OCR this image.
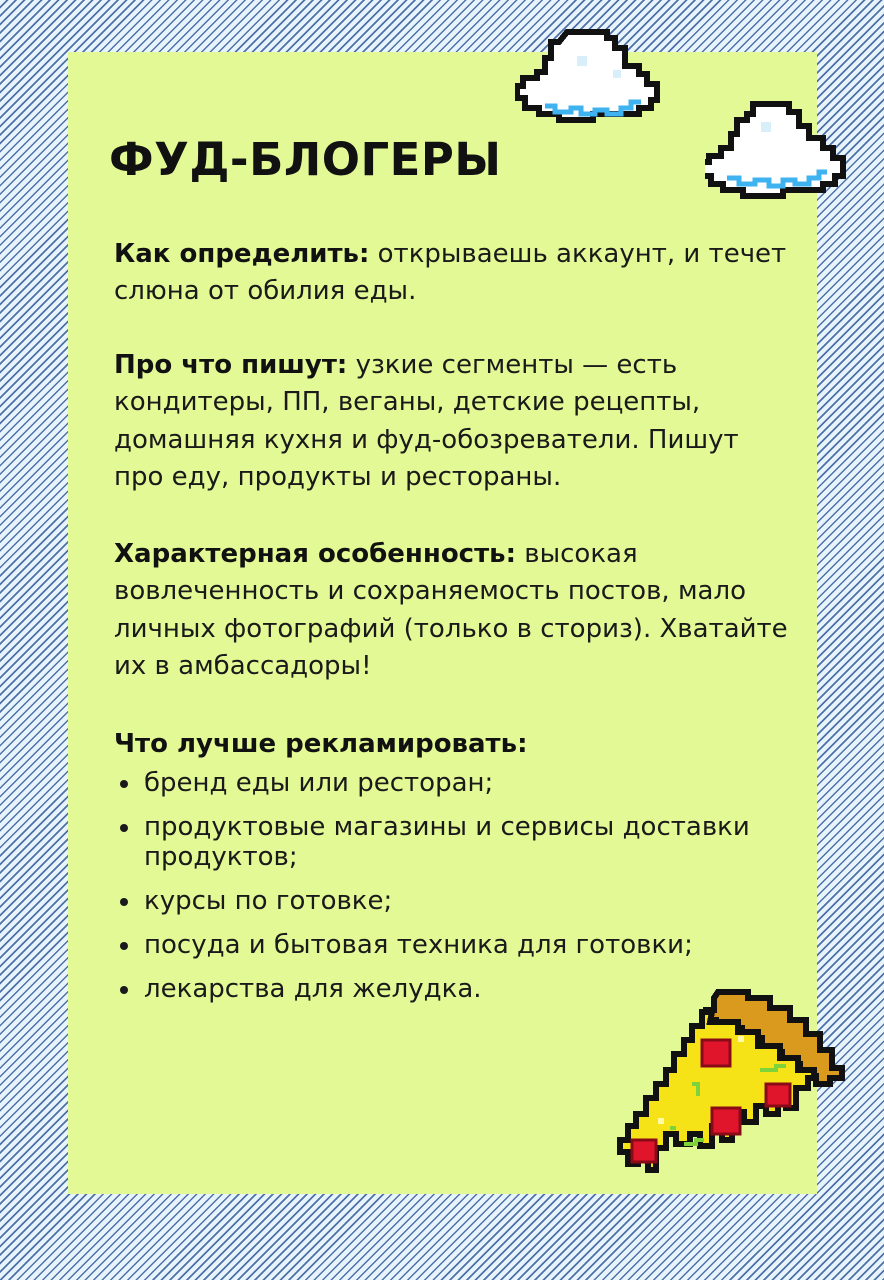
ФУД-БЛОГЕРЫ

Как определить: открываешь аккаунт, и течет слюна от обилия еды.

Про что пишут: узкие сегменты — есть кондитеры, ПП, веганы, детские рецепты, домашняя кухня и фуд-обозреватели. Пишут про еду, продукты и рестораны.

Характерная особенность: высокая вовлеченность и сохраняемость постов, мало личных фотографий (только в сториз). Хватайте их в амбассадоры!

Что лучше рекламировать:

бренд еды или ресторан;
продуктовые магазины и сервисы доставки продуктов;
курсы по готовке;
посуда и бытовая техника для готовки;
лекарства для желудка.
